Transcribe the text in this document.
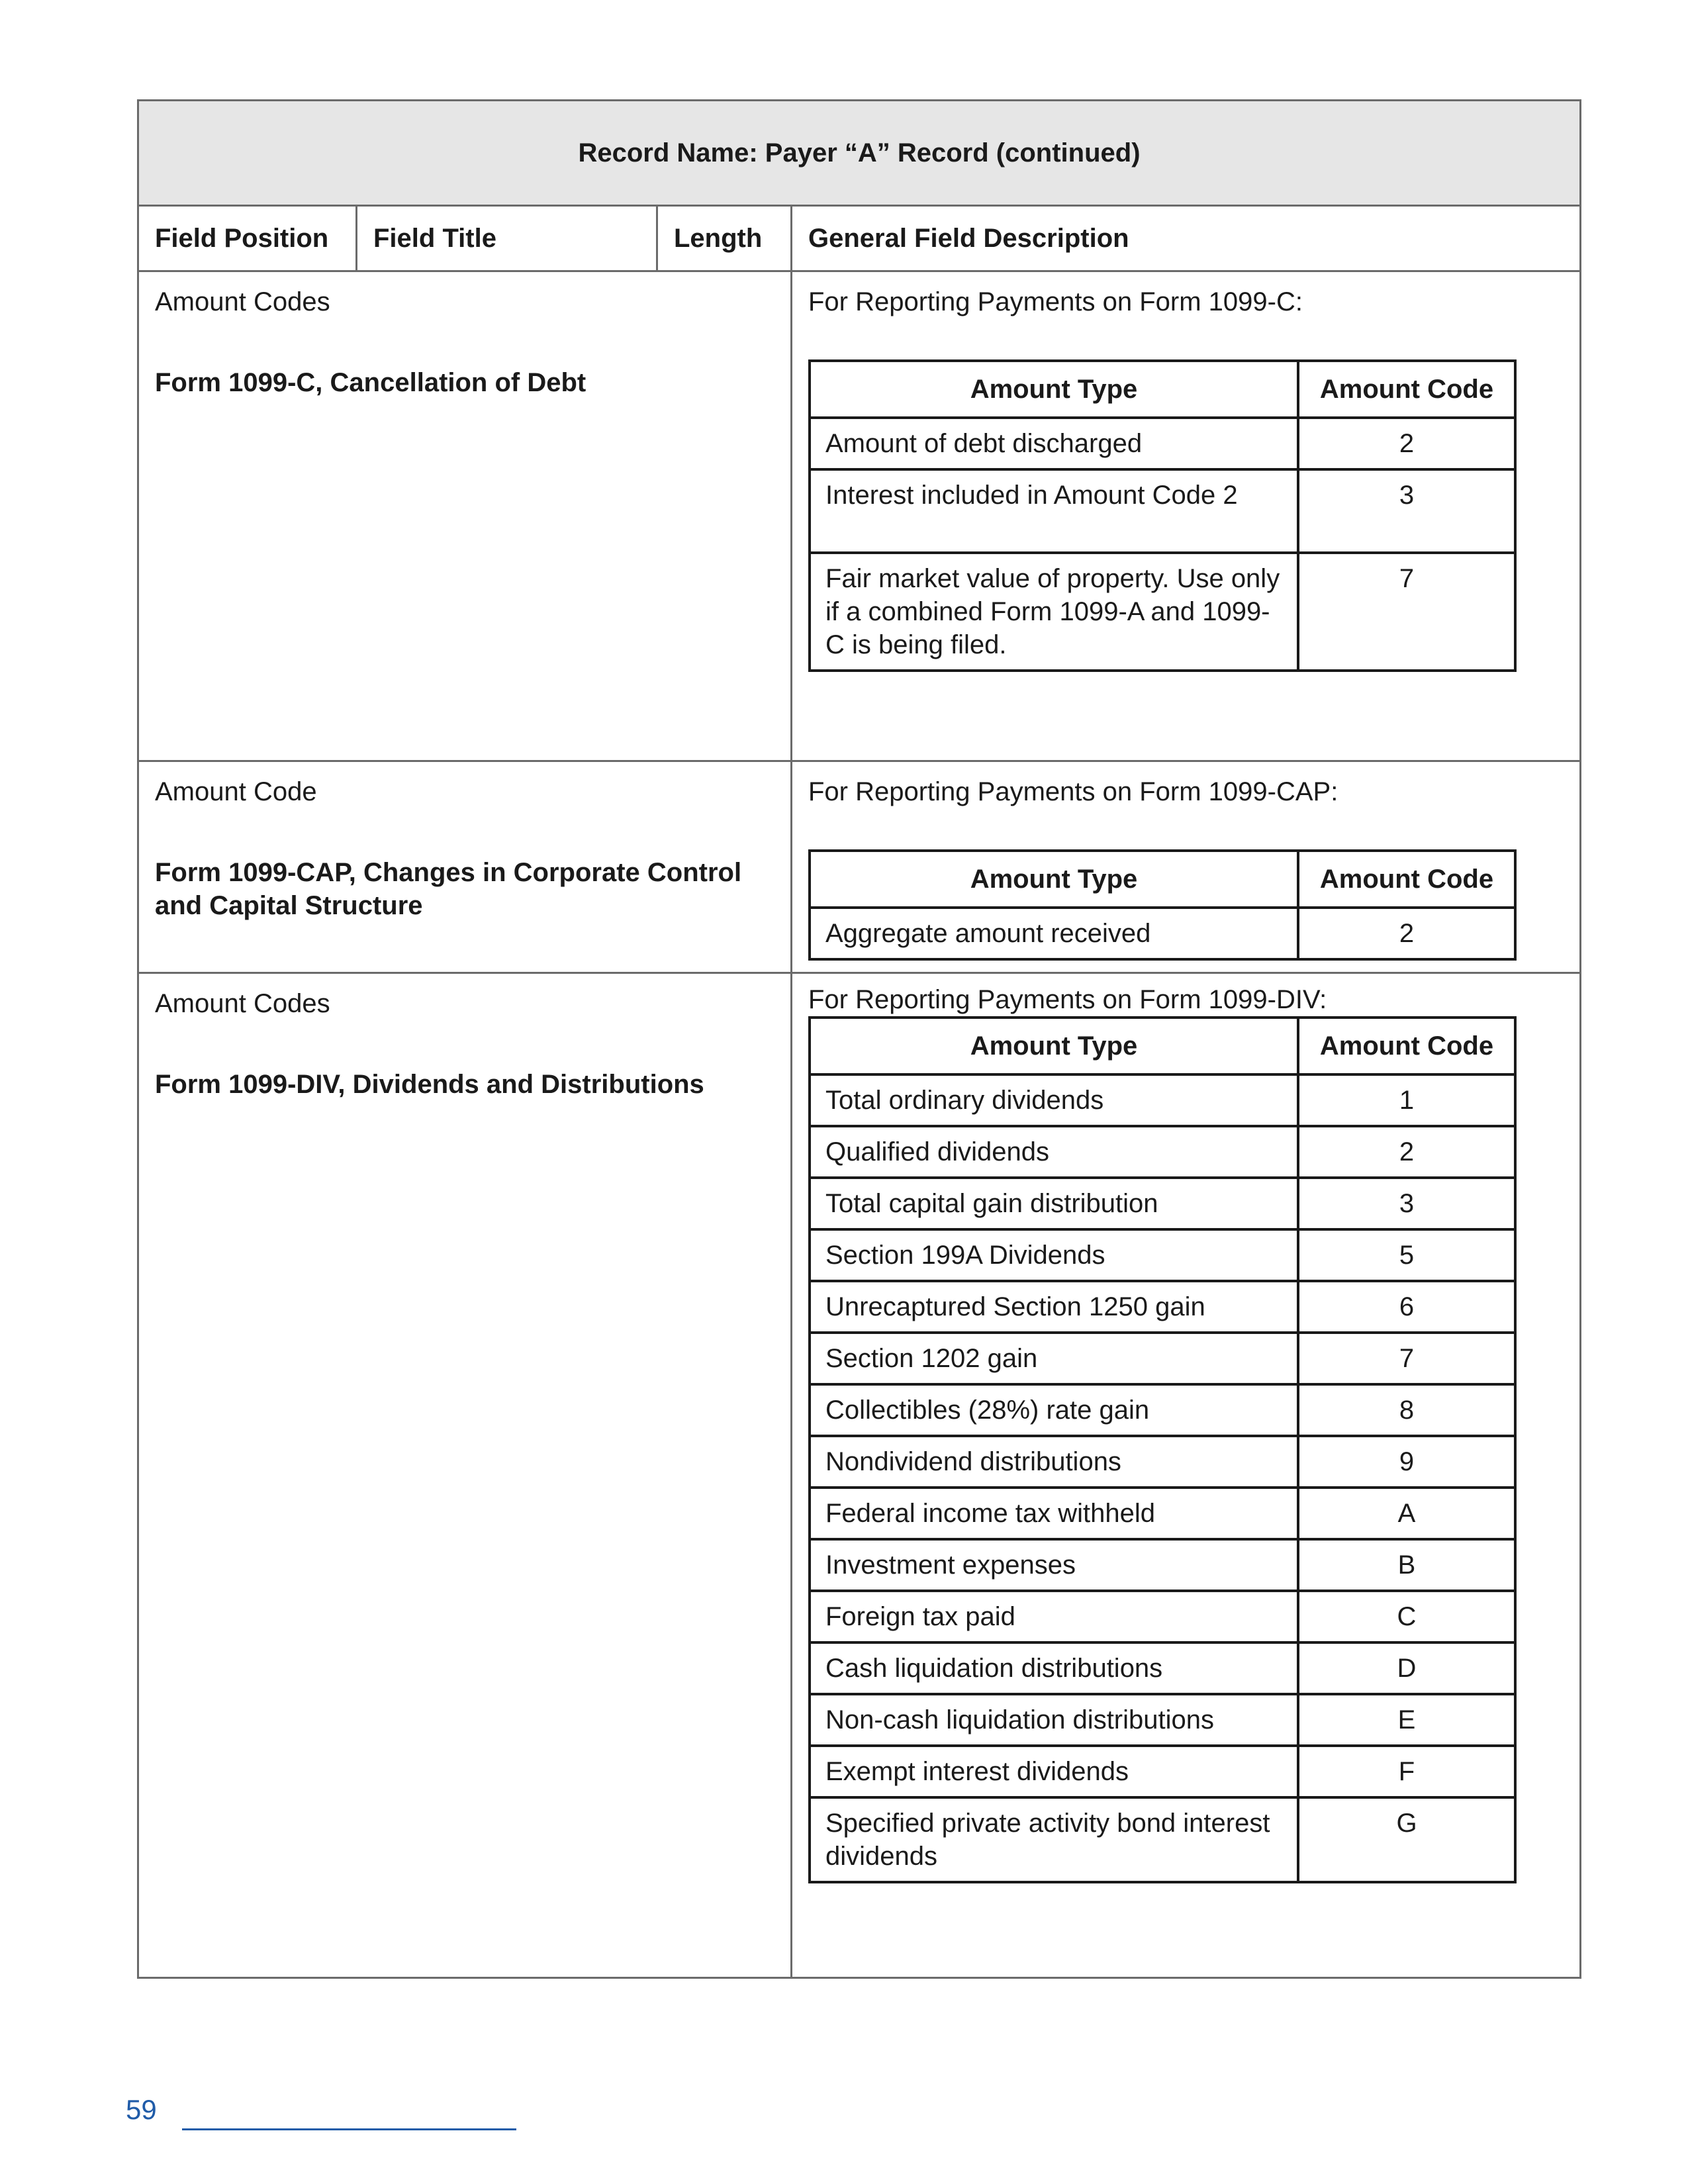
Record Name: Payer “A” Record (continued)
Field Position	Field Title	Length	General Field Description

Amount Codes

Form 1099-C, Cancellation of Debt

For Reporting Payments on Form 1099-C:

Amount Type	Amount Code
Amount of debt discharged	2
Interest included in Amount Code 2	3
Fair market value of property. Use only if a combined Form 1099-A and 1099-C is being filed.	7

Amount Code

Form 1099-CAP, Changes in Corporate Control and Capital Structure

For Reporting Payments on Form 1099-CAP:

Amount Type	Amount Code
Aggregate amount received	2

Amount Codes

Form 1099-DIV, Dividends and Distributions

For Reporting Payments on Form 1099-DIV:

Amount Type	Amount Code
Total ordinary dividends	1
Qualified dividends	2
Total capital gain distribution	3
Section 199A Dividends	5
Unrecaptured Section 1250 gain	6
Section 1202 gain	7
Collectibles (28%) rate gain	8
Nondividend distributions	9
Federal income tax withheld	A
Investment expenses	B
Foreign tax paid	C
Cash liquidation distributions	D
Non-cash liquidation distributions	E
Exempt interest dividends	F
Specified private activity bond interest dividends	G
59
